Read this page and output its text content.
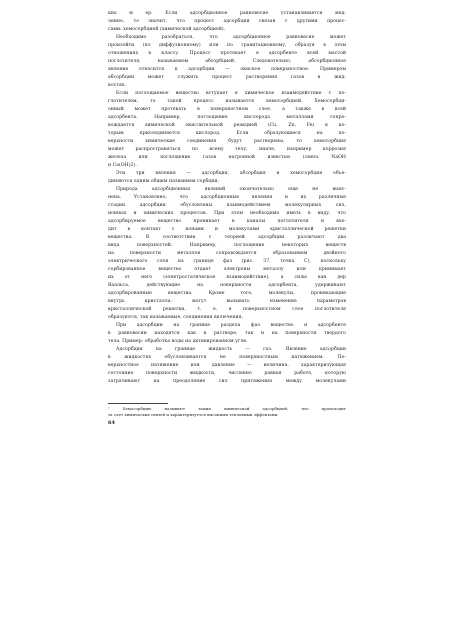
ких м ер. Если адсорбционное равновесие устанавливается мед-
ленно, то значит, что процесс адсорбции связан с другими процес-
сами: хемосорбцией (химической адсорбцией).
Необходимо разобраться, что адсорбционное равновесие может
произойти (по диффузионному) или по гравитационному, образуя в этом
отношениях к классу. Процесс протекает в адсорбенте всей массой
поглотителя, называемом абсорбцией. Следовательно, абсорбционное
явление относится к адсорбции — окисное поверхностное. Примером
абсорбции может служить процесс растворения газов в жид-
костях.
Если поглощаемое вещество вступает в химическое взаимодействие с по-
глотителем, то такой процесс называется хемосорбцией. Хемосорбци-
онный может протекать в поверхностном слое, а также в всей
адсорбента. Например, поглощение кислорода металлами сопро-
вождается химической окислительной реакцией (Cu, Zn, Fe) к ко-
торым присоединяется кислород. Если образующиеся на по-
верхности химические соединения будут растворены, то хемосорбция
может распространяться по всему телу, иначе, например коррозия
железа или поглощение газов натронной известью (смесь NaOH
и Ca(OH)2).
Эти три явления — адсорбция, абсорбция и хемосорбция объе-
диняются одним общим названием сорбции.
Природа адсорбционных явлений окончательно еще не выяс-
нена. Установлено, что адсорбционные явления и их различные
стадии адсорбции обусловлены взаимодействием молекулярных сил,
ионных и химических процессов. При этом необходимо иметь в виду, что
адсорбируемое вещество проникает в каналы поглотителя и вхо-
дит в контакт с ионами и молекулами кристаллической решетки
вещества. В соответствии с теорией адсорбции различают два
вида поверхностей. Например, поглощение некоторых веществ
на поверхности металлов сопровождается образованием двойного
электрического слоя на границе фаз (рис. 37, точка C), поскольку
сорбированное вещество отдает электроны металлу или принимает
их от него (электростатическое взаимодействие), а силы ван дер
Ваальса, действующие на поверхности адсорбента, удерживают
адсорбированные вещества. Кроме того, молекулы, проникающие
внутрь кристалла, могут вызывать изменение параметров
кристаллической решетки, т. е. в поверхностном слое поглотителя
образуются, так называемые, соединения включения.
При адсорбции на границе раздела фаз вещество и адсорбенте
в равновесии находятся как в растворе, так и на поверхности твердого
тела. Пример: обработка воды на активированном угле.
Адсорбция на границе жидкость — газ. Явление адсорбции
в жидкостях обусловливается не поверхностным натяжением. По-
верхностное натяжение или давление — величина, характеризующая
состояние поверхности жидкости, численно равная работе, которую
затрачивают на преодоление сил притяжения между молекулами
¹ Хемосорбцию называют также химической адсорбцией, что происходит
за счет химических связей и характеризуется высокими тепловыми эффектами.
64
